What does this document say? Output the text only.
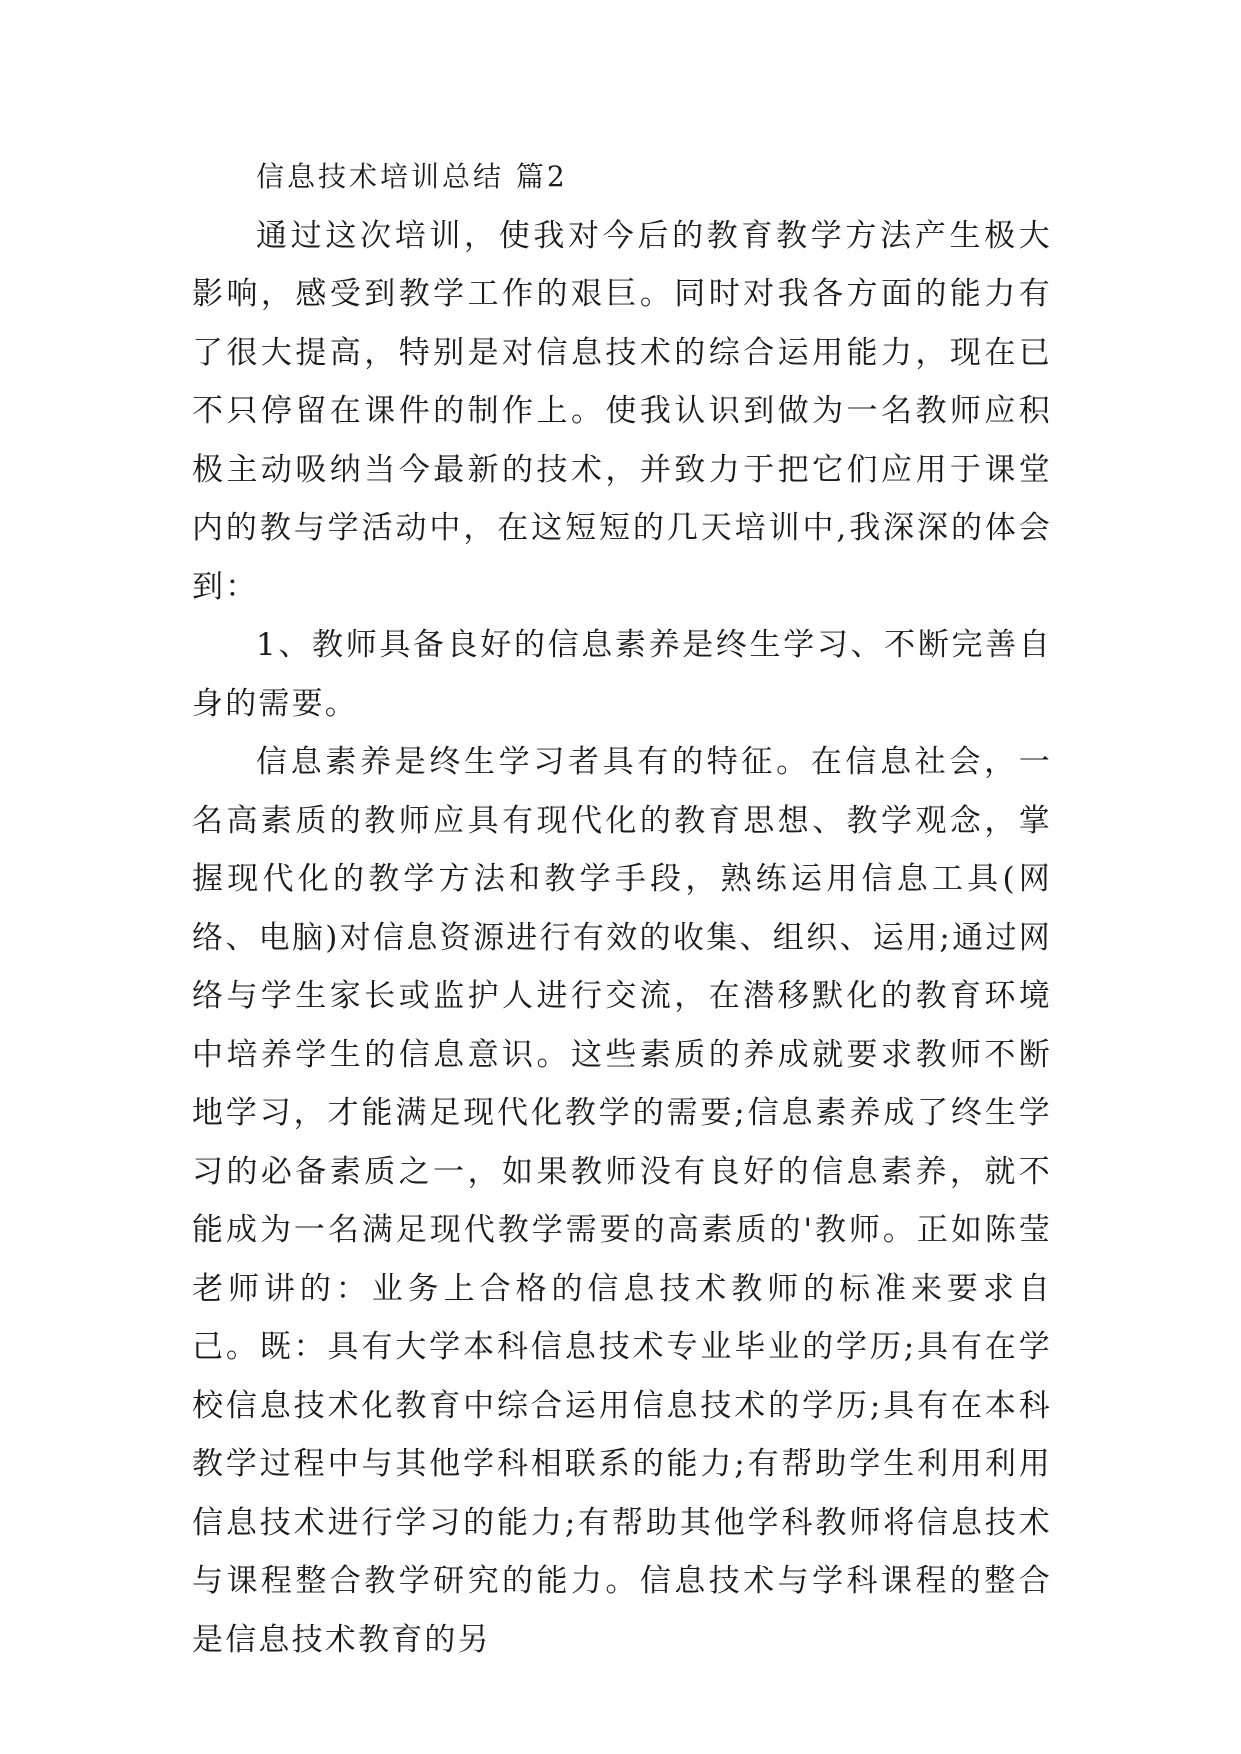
信息技术培训总结 篇2

通过这次培训，使我对今后的教育教学方法产生极大影响，感受到教学工作的艰巨。同时对我各方面的能力有了很大提高，特别是对信息技术的综合运用能力，现在已不只停留在课件的制作上。使我认识到做为一名教师应积极主动吸纳当今最新的技术，并致力于把它们应用于课堂内的教与学活动中，在这短短的几天培训中,我深深的体会到：

1、教师具备良好的信息素养是终生学习、不断完善自身的需要。

信息素养是终生学习者具有的特征。在信息社会，一名高素质的教师应具有现代化的教育思想、教学观念，掌握现代化的教学方法和教学手段，熟练运用信息工具(网络、电脑)对信息资源进行有效的收集、组织、运用;通过网络与学生家长或监护人进行交流，在潜移默化的教育环境中培养学生的信息意识。这些素质的养成就要求教师不断地学习，才能满足现代化教学的需要;信息素养成了终生学习的必备素质之一，如果教师没有良好的信息素养，就不能成为一名满足现代教学需要的高素质的'教师。正如陈莹老师讲的：业务上合格的信息技术教师的标准来要求自己。既：具有大学本科信息技术专业毕业的学历;具有在学校信息技术化教育中综合运用信息技术的学历;具有在本科教学过程中与其他学科相联系的能力;有帮助学生利用利用信息技术进行学习的能力;有帮助其他学科教师将信息技术与课程整合教学研究的能力。信息技术与学科课程的整合是信息技术教育的另
